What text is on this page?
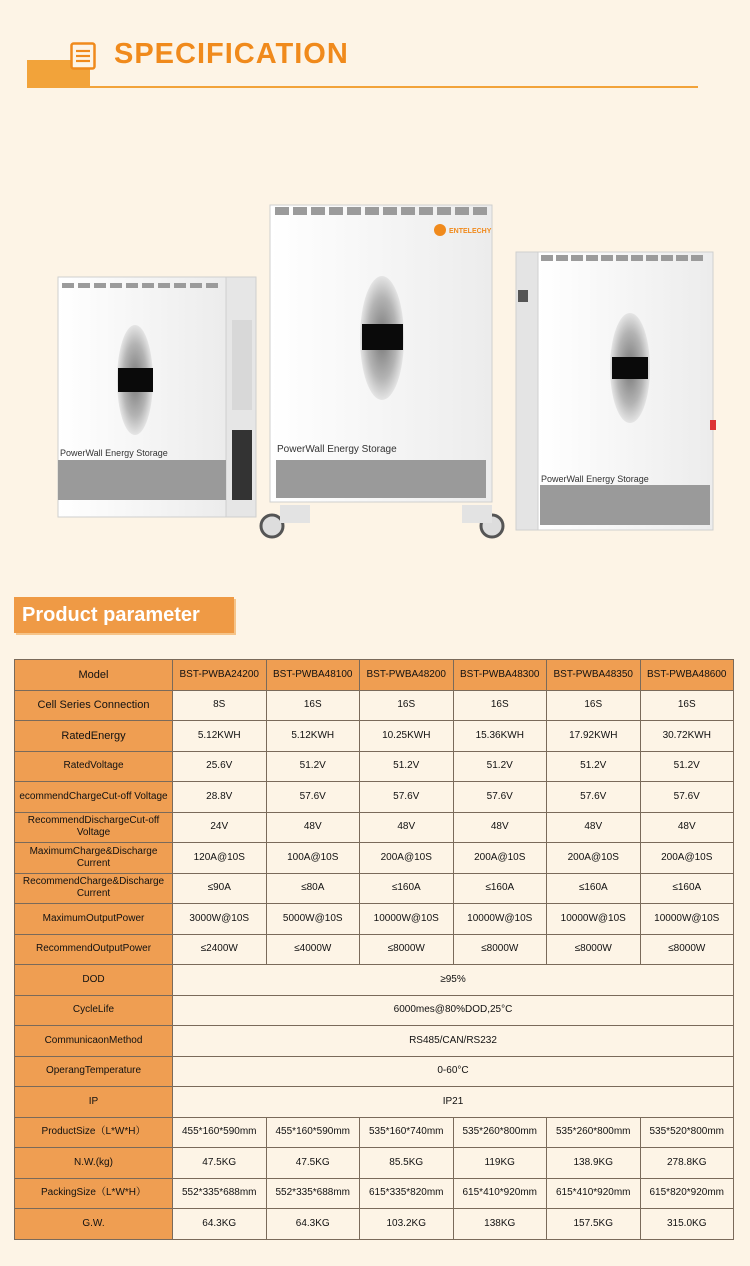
SPECIFICATION
PowerWall Energy Storage
ENTELECHY
PowerWall Energy Storage
PowerWall Energy Storage
Product parameter
Model	BST-PWBA24200	BST-PWBA48100	BST-PWBA48200	BST-PWBA48300	BST-PWBA48350	BST-PWBA48600
Cell Series Connection	8S	16S	16S	16S	16S	16S
RatedEnergy	5.12KWH	5.12KWH	10.25KWH	15.36KWH	17.92KWH	30.72KWH
RatedVoltage	25.6V	51.2V	51.2V	51.2V	51.2V	51.2V
ecommendChargeCut-off Voltage	28.8V	57.6V	57.6V	57.6V	57.6V	57.6V
RecommendDischargeCut-off Voltage	24V	48V	48V	48V	48V	48V
MaximumCharge&Discharge Current	120A@10S	100A@10S	200A@10S	200A@10S	200A@10S	200A@10S
RecommendCharge&Discharge Current	≤90A	≤80A	≤160A	≤160A	≤160A	≤160A
MaximumOutputPower	3000W@10S	5000W@10S	10000W@10S	10000W@10S	10000W@10S	10000W@10S
RecommendOutputPower	≤2400W	≤4000W	≤8000W	≤8000W	≤8000W	≤8000W
DOD	≥95%					
CycleLife	6000mes@80%DOD,25°C					
CommunicaonMethod	RS485/CAN/RS232					
OperangTemperature	0-60°C					
IP	IP21					
ProductSize（L*W*H）	455*160*590mm	455*160*590mm	535*160*740mm	535*260*800mm	535*260*800mm	535*520*800mm
N.W.(kg)	47.5KG	47.5KG	85.5KG	119KG	138.9KG	278.8KG
PackingSize（L*W*H）	552*335*688mm	552*335*688mm	615*335*820mm	615*410*920mm	615*410*920mm	615*820*920mm
G.W.	64.3KG	64.3KG	103.2KG	138KG	157.5KG	315.0KG
